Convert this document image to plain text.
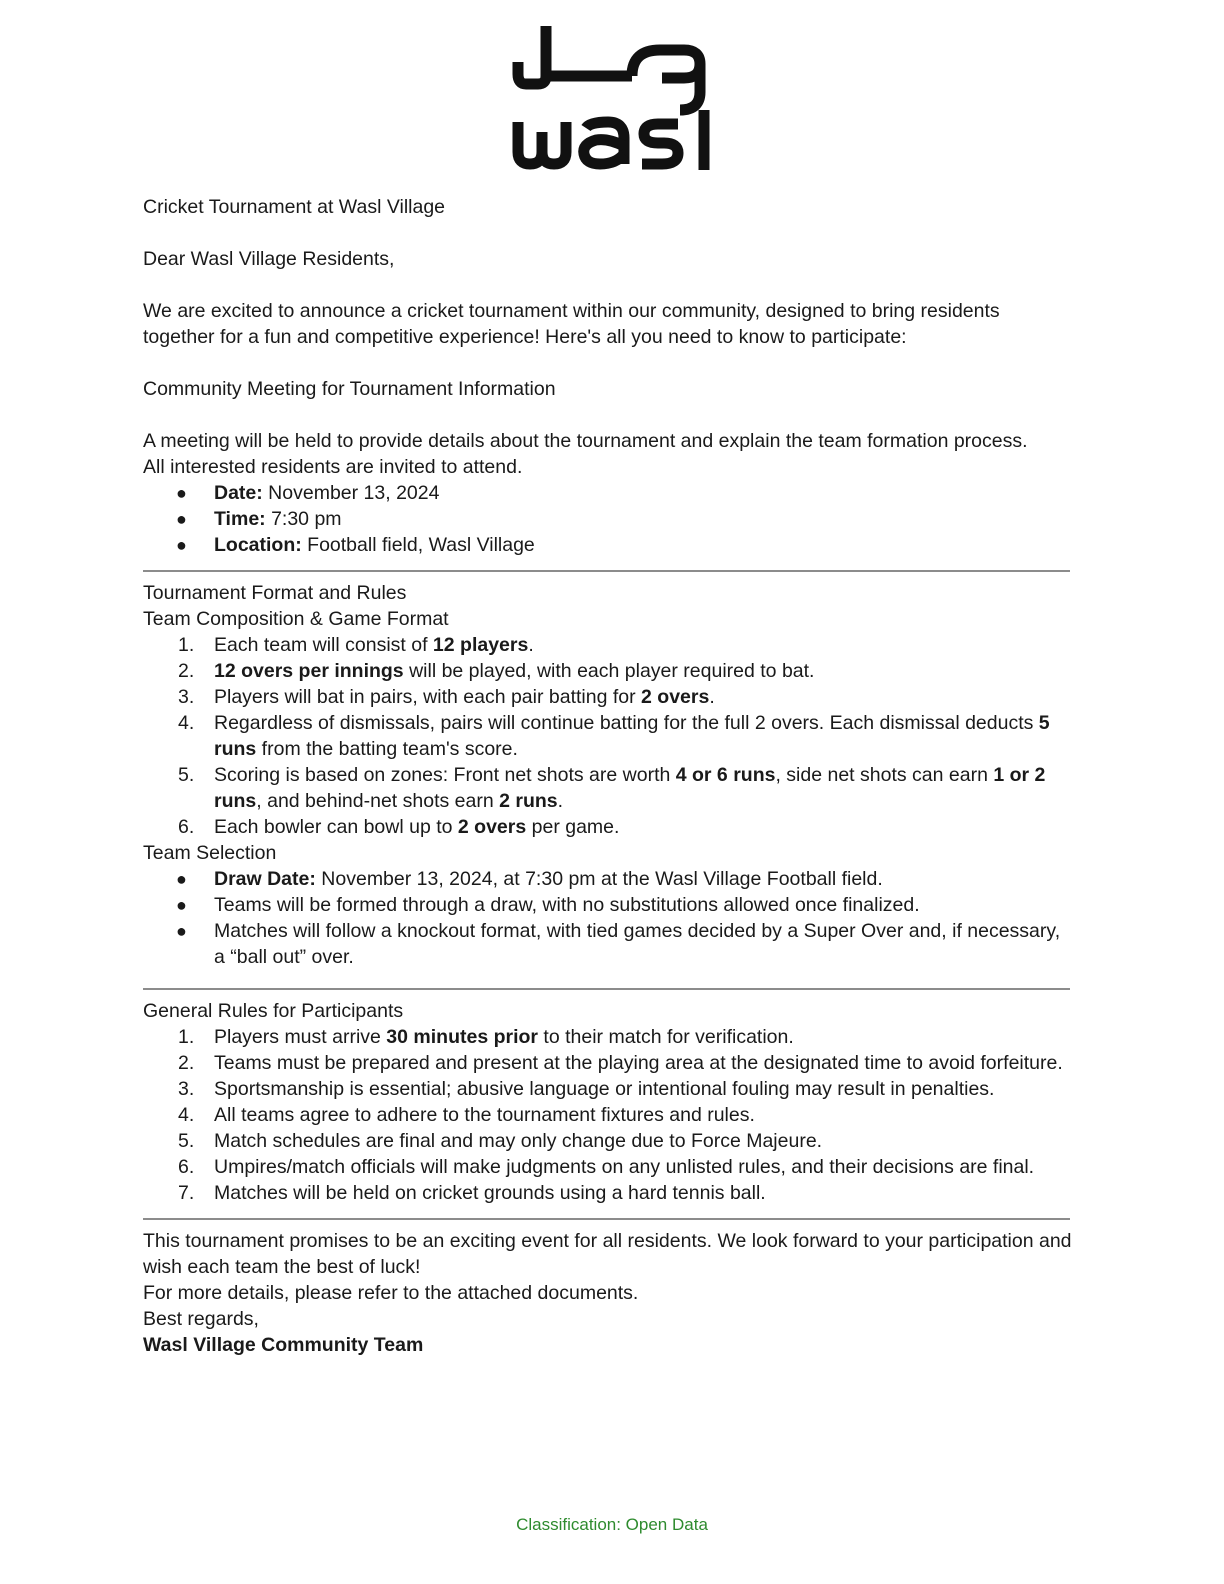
Cricket Tournament at Wasl Village

Dear Wasl Village Residents,

We are excited to announce a cricket tournament within our community, designed to bring residents together for a fun and competitive experience! Here's all you need to know to participate:

Community Meeting for Tournament Information

A meeting will be held to provide details about the tournament and explain the team formation process.
All interested residents are invited to attend.

● Date: November 13, 2024
● Time: 7:30 pm
● Location: Football field, Wasl Village

Tournament Format and Rules

Team Composition & Game Format

1. Each team will consist of 12 players.
2. 12 overs per innings will be played, with each player required to bat.
3. Players will bat in pairs, with each pair batting for 2 overs.
4. Regardless of dismissals, pairs will continue batting for the full 2 overs. Each dismissal deducts 5 runs from the batting team's score.
5. Scoring is based on zones: Front net shots are worth 4 or 6 runs, side net shots can earn 1 or 2 runs, and behind-net shots earn 2 runs.
6. Each bowler can bowl up to 2 overs per game.

Team Selection

● Draw Date: November 13, 2024, at 7:30 pm at the Wasl Village Football field.
● Teams will be formed through a draw, with no substitutions allowed once finalized.
● Matches will follow a knockout format, with tied games decided by a Super Over and, if necessary, a “ball out” over.

General Rules for Participants

1. Players must arrive 30 minutes prior to their match for verification.
2. Teams must be prepared and present at the playing area at the designated time to avoid forfeiture.
3. Sportsmanship is essential; abusive language or intentional fouling may result in penalties.
4. All teams agree to adhere to the tournament fixtures and rules.
5. Match schedules are final and may only change due to Force Majeure.
6. Umpires/match officials will make judgments on any unlisted rules, and their decisions are final.
7. Matches will be held on cricket grounds using a hard tennis ball.

This tournament promises to be an exciting event for all residents. We look forward to your participation and wish each team the best of luck!

For more details, please refer to the attached documents.

Best regards,

Wasl Village Community Team

Classification: Open Data
